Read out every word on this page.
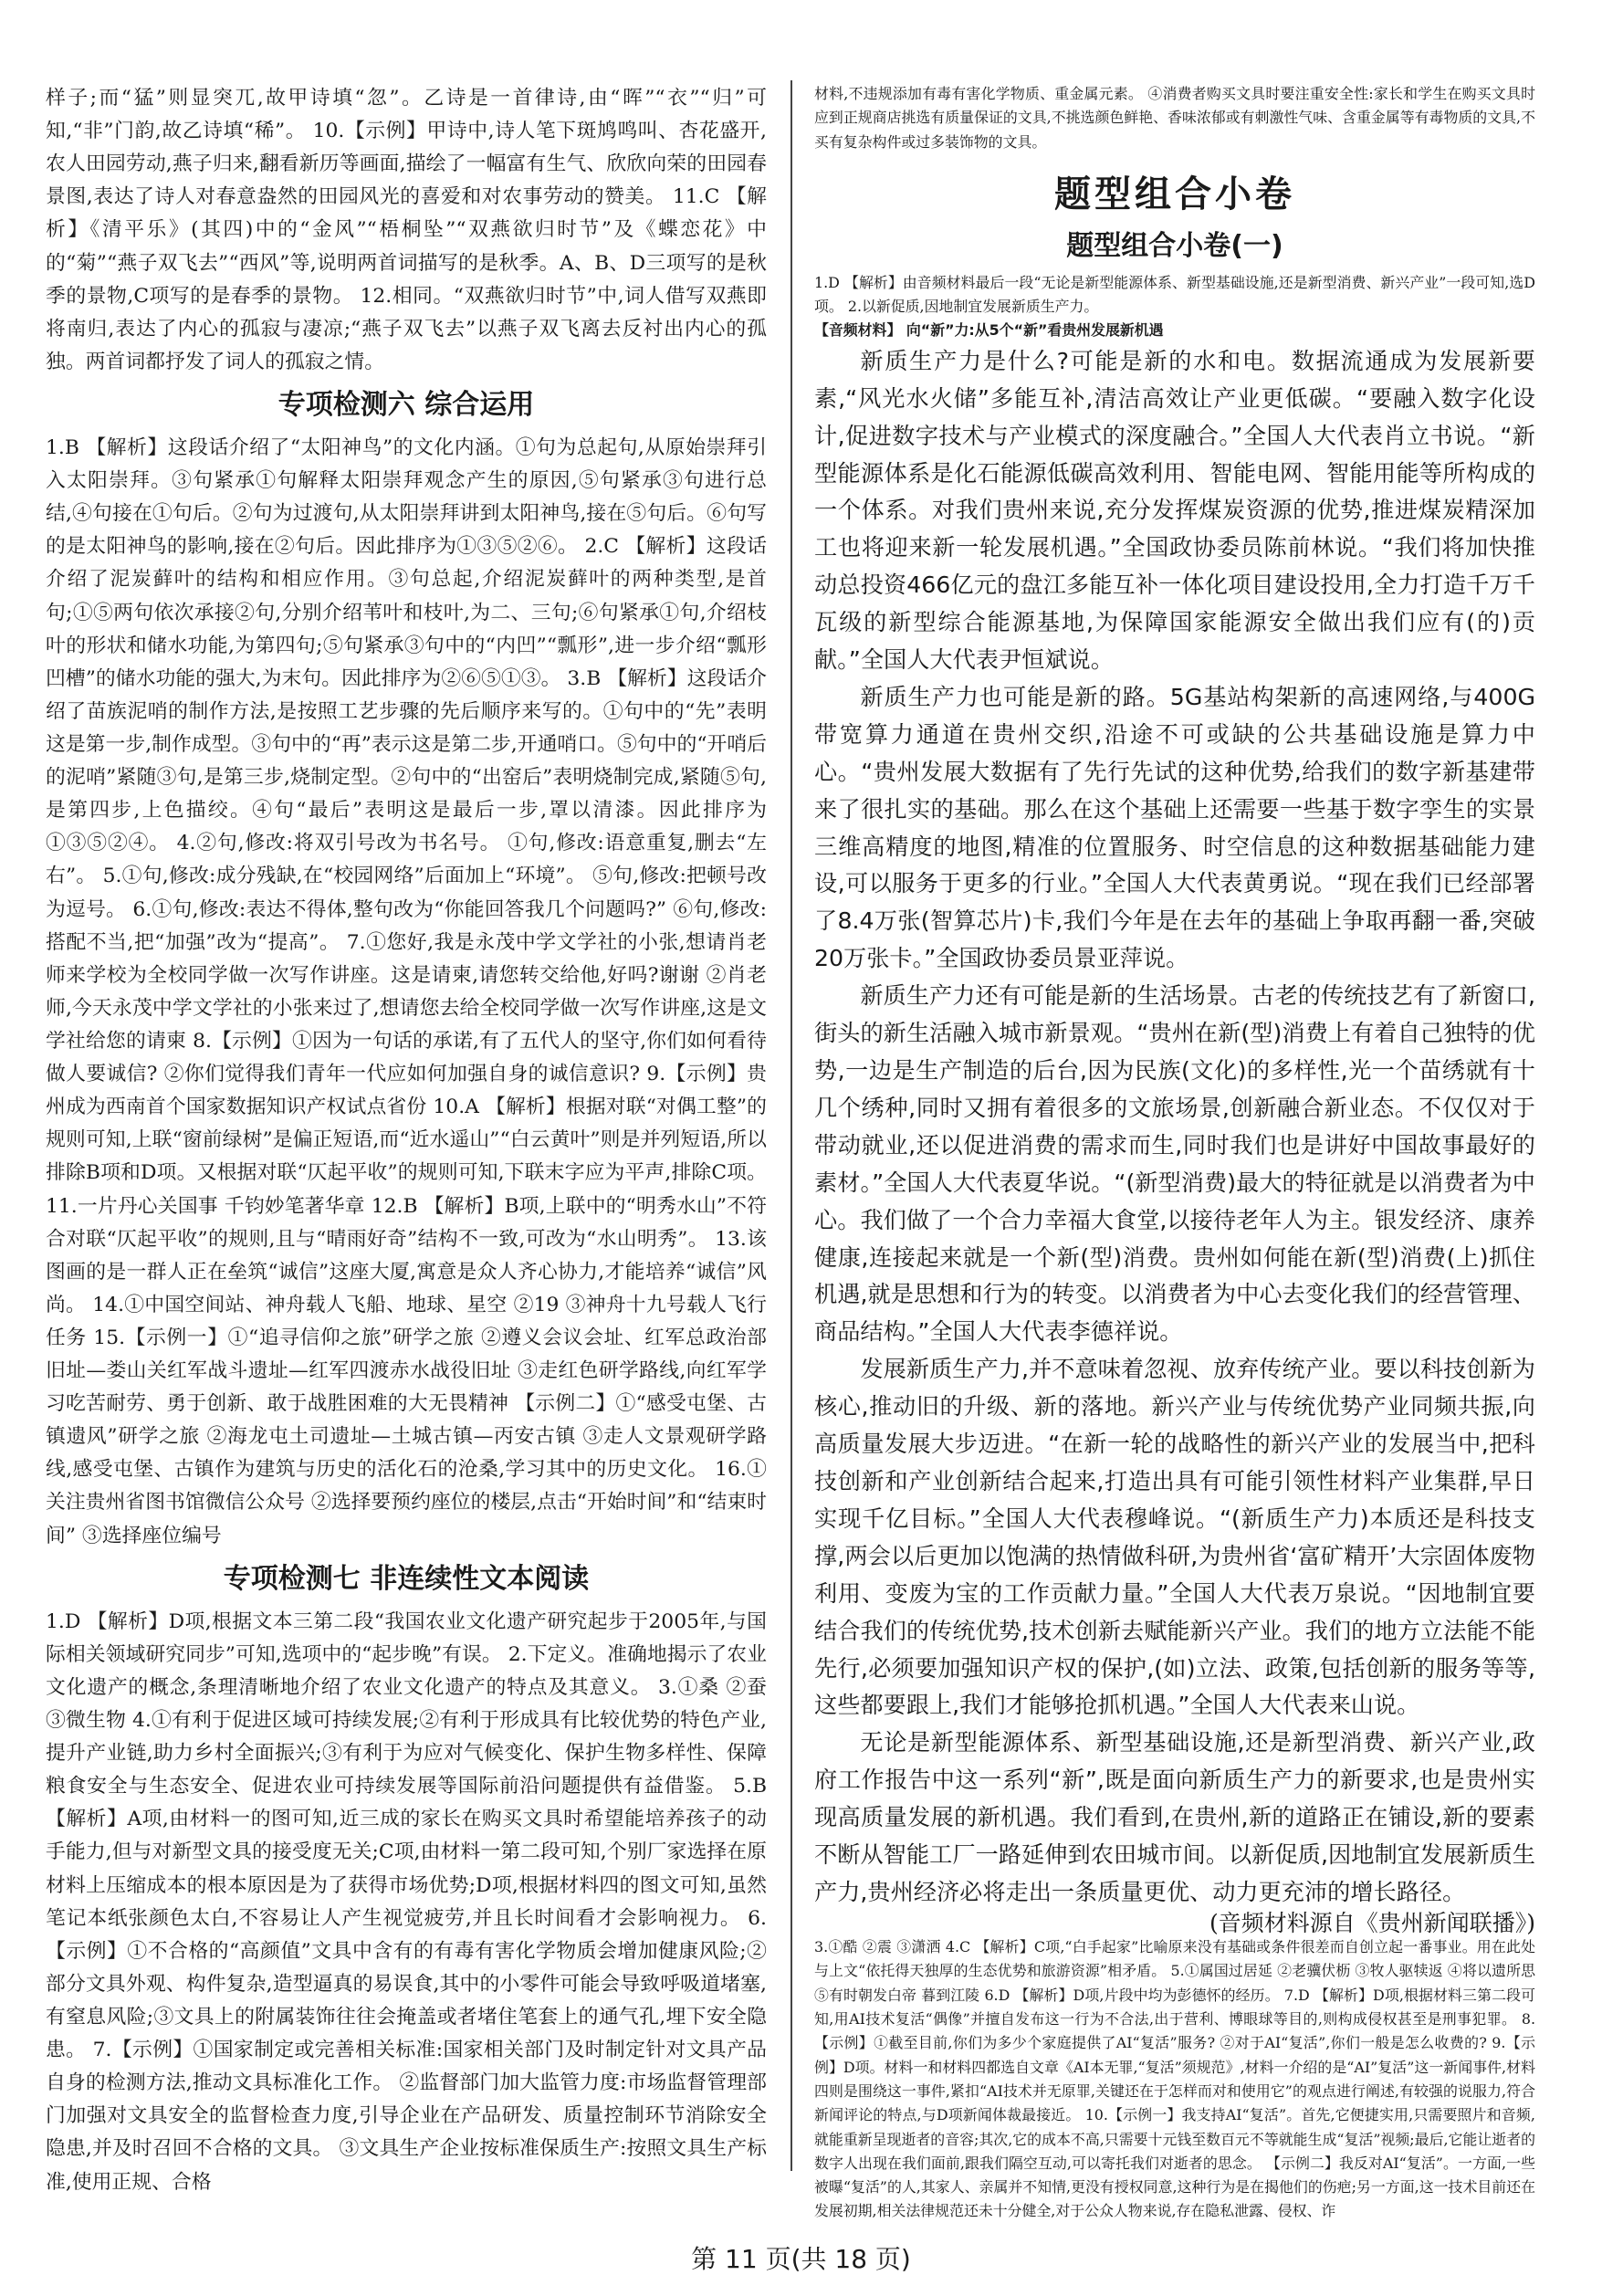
样子;而“猛”则显突兀,故甲诗填“忽”。乙诗是一首律诗,由“晖”“衣”“归”可知,“非”门韵,故乙诗填“稀”。 10.【示例】甲诗中,诗人笔下斑鸠鸣叫、杏花盛开,农人田园劳动,燕子归来,翻看新历等画面,描绘了一幅富有生气、欣欣向荣的田园春景图,表达了诗人对春意盎然的田园风光的喜爱和对农事劳动的赞美。 11.C 【解析】《清平乐》(其四)中的“金风”“梧桐坠”“双燕欲归时节”及《蝶恋花》中的“菊”“燕子双飞去”“西风”等,说明两首词描写的是秋季。A、B、D三项写的是秋季的景物,C项写的是春季的景物。 12.相同。“双燕欲归时节”中,词人借写双燕即将南归,表达了内心的孤寂与凄凉;“燕子双飞去”以燕子双飞离去反衬出内心的孤独。两首词都抒发了词人的孤寂之情。
专项检测六 综合运用
1.B 【解析】这段话介绍了“太阳神鸟”的文化内涵。①句为总起句,从原始崇拜引入太阳崇拜。③句紧承①句解释太阳崇拜观念产生的原因,⑤句紧承③句进行总结,④句接在①句后。②句为过渡句,从太阳崇拜讲到太阳神鸟,接在⑤句后。⑥句写的是太阳神鸟的影响,接在②句后。因此排序为①③⑤②⑥。 2.C 【解析】这段话介绍了泥炭藓叶的结构和相应作用。③句总起,介绍泥炭藓叶的两种类型,是首句;①⑤两句依次承接②句,分别介绍苇叶和枝叶,为二、三句;⑥句紧承①句,介绍枝叶的形状和储水功能,为第四句;⑤句紧承③句中的“内凹”“瓢形”,进一步介绍“瓢形凹槽”的储水功能的强大,为末句。因此排序为②⑥⑤①③。 3.B 【解析】这段话介绍了苗族泥哨的制作方法,是按照工艺步骤的先后顺序来写的。①句中的“先”表明这是第一步,制作成型。③句中的“再”表示这是第二步,开通哨口。⑤句中的“开哨后的泥哨”紧随③句,是第三步,烧制定型。②句中的“出窑后”表明烧制完成,紧随⑤句,是第四步,上色描绞。④句“最后”表明这是最后一步,罩以清漆。因此排序为①③⑤②④。 4.②句,修改:将双引号改为书名号。 ①句,修改:语意重复,删去“左右”。 5.①句,修改:成分残缺,在“校园网络”后面加上“环境”。 ⑤句,修改:把顿号改为逗号。 6.①句,修改:表达不得体,整句改为“你能回答我几个问题吗?” ⑥句,修改:搭配不当,把“加强”改为“提高”。 7.①您好,我是永茂中学文学社的小张,想请肖老师来学校为全校同学做一次写作讲座。这是请柬,请您转交给他,好吗?谢谢 ②肖老师,今天永茂中学文学社的小张来过了,想请您去给全校同学做一次写作讲座,这是文学社给您的请柬 8.【示例】①因为一句话的承诺,有了五代人的坚守,你们如何看待做人要诚信? ②你们觉得我们青年一代应如何加强自身的诚信意识? 9.【示例】贵州成为西南首个国家数据知识产权试点省份 10.A 【解析】根据对联“对偶工整”的规则可知,上联“窗前绿树”是偏正短语,而“近水遥山”“白云黄叶”则是并列短语,所以排除B项和D项。又根据对联“仄起平收”的规则可知,下联末字应为平声,排除C项。 11.一片丹心关国事 千钧妙笔著华章 12.B 【解析】B项,上联中的“明秀水山”不符合对联“仄起平收”的规则,且与“晴雨好奇”结构不一致,可改为“水山明秀”。 13.该图画的是一群人正在垒筑“诚信”这座大厦,寓意是众人齐心协力,才能培养“诚信”风尚。 14.①中国空间站、神舟载人飞船、地球、星空 ②19 ③神舟十九号载人飞行任务 15.【示例一】①“追寻信仰之旅”研学之旅 ②遵义会议会址、红军总政治部旧址—娄山关红军战斗遗址—红军四渡赤水战役旧址 ③走红色研学路线,向红军学习吃苦耐劳、勇于创新、敢于战胜困难的大无畏精神 【示例二】①“感受屯堡、古镇遗风”研学之旅 ②海龙屯土司遗址—土城古镇—丙安古镇 ③走人文景观研学路线,感受屯堡、古镇作为建筑与历史的活化石的沧桑,学习其中的历史文化。 16.①关注贵州省图书馆微信公众号 ②选择要预约座位的楼层,点击“开始时间”和“结束时间” ③选择座位编号
专项检测七 非连续性文本阅读
1.D 【解析】D项,根据文本三第二段“我国农业文化遗产研究起步于2005年,与国际相关领域研究同步”可知,选项中的“起步晚”有误。 2.下定义。准确地揭示了农业文化遗产的概念,条理清晰地介绍了农业文化遗产的特点及其意义。 3.①桑 ②蚕 ③微生物 4.①有利于促进区域可持续发展;②有利于形成具有比较优势的特色产业,提升产业链,助力乡村全面振兴;③有利于为应对气候变化、保护生物多样性、保障粮食安全与生态安全、促进农业可持续发展等国际前沿问题提供有益借鉴。 5.B 【解析】A项,由材料一的图可知,近三成的家长在购买文具时希望能培养孩子的动手能力,但与对新型文具的接受度无关;C项,由材料一第二段可知,个别厂家选择在原材料上压缩成本的根本原因是为了获得市场优势;D项,根据材料四的图文可知,虽然笔记本纸张颜色太白,不容易让人产生视觉疲劳,并且长时间看才会影响视力。 6.【示例】①不合格的“高颜值”文具中含有的有毒有害化学物质会增加健康风险;②部分文具外观、构件复杂,造型逼真的易误食,其中的小零件可能会导致呼吸道堵塞,有窒息风险;③文具上的附属装饰往往会掩盖或者堵住笔套上的通气孔,埋下安全隐患。 7.【示例】①国家制定或完善相关标准:国家相关部门及时制定针对文具产品自身的检测方法,推动文具标准化工作。 ②监督部门加大监管力度:市场监督管理部门加强对文具安全的监督检查力度,引导企业在产品研发、质量控制环节消除安全隐患,并及时召回不合格的文具。 ③文具生产企业按标准保质生产:按照文具生产标准,使用正规、合格
材料,不违规添加有毒有害化学物质、重金属元素。 ④消费者购买文具时要注重安全性:家长和学生在购买文具时应到正规商店挑选有质量保证的文具,不挑选颜色鲜艳、香味浓郁或有刺激性气味、含重金属等有毒物质的文具,不买有复杂构件或过多装饰物的文具。
题型组合小卷
题型组合小卷(一)
1.D 【解析】由音频材料最后一段“无论是新型能源体系、新型基础设施,还是新型消费、新兴产业”一段可知,选D项。 2.以新促质,因地制宜发展新质生产力。
【音频材料】 向“新”力:从5个“新”看贵州发展新机遇

新质生产力是什么?可能是新的水和电。数据流通成为发展新要素,“风光水火储”多能互补,清洁高效让产业更低碳。“要融入数字化设计,促进数字技术与产业模式的深度融合。”全国人大代表肖立书说。“新型能源体系是化石能源低碳高效利用、智能电网、智能用能等所构成的一个体系。对我们贵州来说,充分发挥煤炭资源的优势,推进煤炭精深加工也将迎来新一轮发展机遇。”全国政协委员陈前林说。“我们将加快推动总投资466亿元的盘江多能互补一体化项目建设投用,全力打造千万千瓦级的新型综合能源基地,为保障国家能源安全做出我们应有(的)贡献。”全国人大代表尹恒斌说。

新质生产力也可能是新的路。5G基站构架新的高速网络,与400G带宽算力通道在贵州交织,沿途不可或缺的公共基础设施是算力中心。“贵州发展大数据有了先行先试的这种优势,给我们的数字新基建带来了很扎实的基础。那么在这个基础上还需要一些基于数字孪生的实景三维高精度的地图,精准的位置服务、时空信息的这种数据基础能力建设,可以服务于更多的行业。”全国人大代表黄勇说。“现在我们已经部署了8.4万张(智算芯片)卡,我们今年是在去年的基础上争取再翻一番,突破20万张卡。”全国政协委员景亚萍说。

新质生产力还有可能是新的生活场景。古老的传统技艺有了新窗口,街头的新生活融入城市新景观。“贵州在新(型)消费上有着自己独特的优势,一边是生产制造的后台,因为民族(文化)的多样性,光一个苗绣就有十几个绣种,同时又拥有着很多的文旅场景,创新融合新业态。不仅仅对于带动就业,还以促进消费的需求而生,同时我们也是讲好中国故事最好的素材。”全国人大代表夏华说。“(新型消费)最大的特征就是以消费者为中心。我们做了一个合力幸福大食堂,以接待老年人为主。银发经济、康养健康,连接起来就是一个新(型)消费。贵州如何能在新(型)消费(上)抓住机遇,就是思想和行为的转变。以消费者为中心去变化我们的经营管理、商品结构。”全国人大代表李德祥说。

发展新质生产力,并不意味着忽视、放弃传统产业。要以科技创新为核心,推动旧的升级、新的落地。新兴产业与传统优势产业同频共振,向高质量发展大步迈进。“在新一轮的战略性的新兴产业的发展当中,把科技创新和产业创新结合起来,打造出具有可能引领性材料产业集群,早日实现千亿目标。”全国人大代表穆峰说。“(新质生产力)本质还是科技支撑,两会以后更加以饱满的热情做科研,为贵州省‘富矿精开’大宗固体废物利用、变废为宝的工作贡献力量。”全国人大代表万泉说。“因地制宜要结合我们的传统优势,技术创新去赋能新兴产业。我们的地方立法能不能先行,必须要加强知识产权的保护,(如)立法、政策,包括创新的服务等等,这些都要跟上,我们才能够抢抓机遇。”全国人大代表来山说。

无论是新型能源体系、新型基础设施,还是新型消费、新兴产业,政府工作报告中这一系列“新”,既是面向新质生产力的新要求,也是贵州实现高质量发展的新机遇。我们看到,在贵州,新的道路正在铺设,新的要素不断从智能工厂一路延伸到农田城市间。以新促质,因地制宜发展新质生产力,贵州经济必将走出一条质量更优、动力更充沛的增长路径。

(音频材料源自《贵州新闻联播》)
3.①酷 ②震 ③潇洒 4.C 【解析】C项,“白手起家”比喻原来没有基础或条件很差而自创立起一番事业。用在此处与上文“依托得天独厚的生态优势和旅游资源”相矛盾。 5.①属国过居延 ②老骥伏枥 ③牧人驱犊返 ④将以遗所思 ⑤有时朝发白帝 暮到江陵 6.D 【解析】D项,片段中均为彭德怀的经历。 7.D 【解析】D项,根据材料三第二段可知,用AI技术复活“偶像”并擅自发布这一行为不合法,出于营利、博眼球等目的,则构成侵权甚至是刑事犯罪。 8.【示例】①截至目前,你们为多少个家庭提供了AI“复活”服务? ②对于AI“复活”,你们一般是怎么收费的? 9.【示例】D项。材料一和材料四都选自文章《AI本无罪,“复活”须规范》,材料一介绍的是“AI”复活”这一新闻事件,材料四则是围绕这一事件,紧扣“AI技术并无原罪,关键还在于怎样而对和使用它”的观点进行阐述,有较强的说服力,符合新闻评论的特点,与D项新闻体裁最接近。 10.【示例一】我支持AI“复活”。首先,它便捷实用,只需要照片和音频,就能重新呈现逝者的音容;其次,它的成本不高,只需要十元钱至数百元不等就能生成“复活”视频;最后,它能让逝者的数字人出现在我们面前,跟我们隔空互动,可以寄托我们对逝者的思念。 【示例二】我反对AI“复活”。一方面,一些被曝“复活”的人,其家人、亲属并不知情,更没有授权同意,这种行为是在揭他们的伤疤;另一方面,这一技术目前还在发展初期,相关法律规范还未十分健全,对于公众人物来说,存在隐私泄露、侵权、诈
第 11 页(共 18 页)
